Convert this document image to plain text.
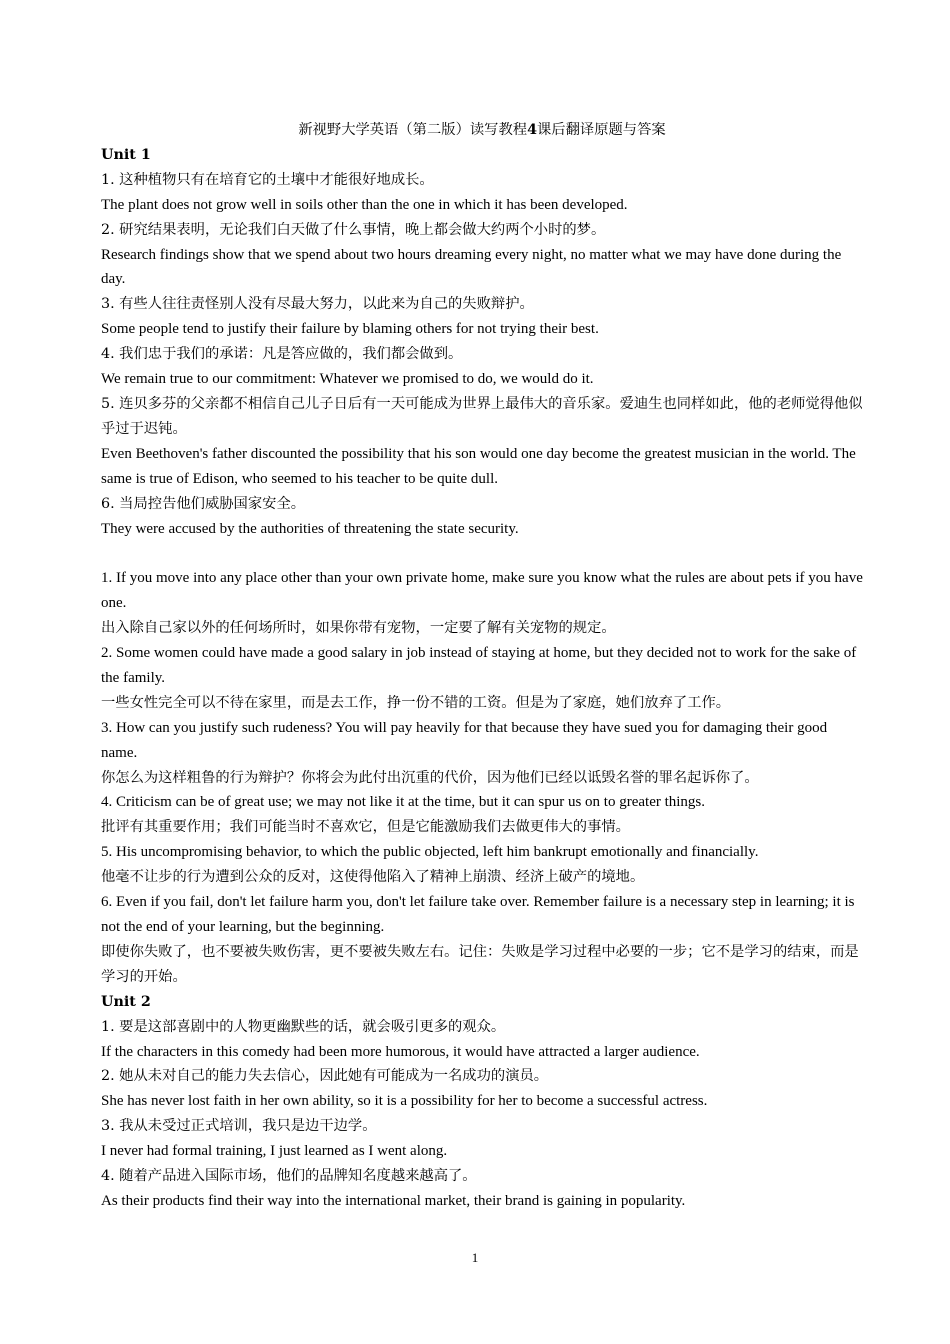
新视野大学英语（第二版）读写教程4课后翻译原题与答案
Unit 1
1. 这种植物只有在培育它的土壤中才能很好地成长。
The plant does not grow well in soils other than the one in which it has been developed.
2. 研究结果表明，无论我们白天做了什么事情，晚上都会做大约两个小时的梦。
Research findings show that we spend about two hours dreaming every night, no matter what we may have done during the day.
3. 有些人往往责怪别人没有尽最大努力，以此来为自己的失败辩护。
Some people tend to justify their failure by blaming others for not trying their best.
4. 我们忠于我们的承诺：凡是答应做的，我们都会做到。
We remain true to our commitment: Whatever we promised to do, we would do it.
5. 连贝多芬的父亲都不相信自己儿子日后有一天可能成为世界上最伟大的音乐家。爱迪生也同样如此，他的老师觉得他似乎过于迟钝。
Even Beethoven's father discounted the possibility that his son would one day become the greatest musician in the world. The same is true of Edison, who seemed to his teacher to be quite dull.
6. 当局控告他们威胁国家安全。
They were accused by the authorities of threatening the state security.
1. If you move into any place other than your own private home, make sure you know what the rules are about pets if you have one.
出入除自己家以外的任何场所时，如果你带有宠物，一定要了解有关宠物的规定。
2. Some women could have made a good salary in job instead of staying at home, but they decided not to work for the sake of the family.
一些女性完全可以不待在家里，而是去工作，挣一份不错的工资。但是为了家庭，她们放弃了工作。
3. How can you justify such rudeness? You will pay heavily for that because they have sued you for damaging their good name.
你怎么为这样粗鲁的行为辩护？你将会为此付出沉重的代价，因为他们已经以诋毁名誉的罪名起诉你了。
4. Criticism can be of great use; we may not like it at the time, but it can spur us on to greater things.
批评有其重要作用；我们可能当时不喜欢它，但是它能激励我们去做更伟大的事情。
5. His uncompromising behavior, to which the public objected, left him bankrupt emotionally and financially.
他毫不让步的行为遭到公众的反对，这使得他陷入了精神上崩溃、经济上破产的境地。
6. Even if you fail, don't let failure harm you, don't let failure take over. Remember failure is a necessary step in learning; it is not the end of your learning, but the beginning.
即使你失败了，也不要被失败伤害，更不要被失败左右。记住：失败是学习过程中必要的一步；它不是学习的结束，而是学习的开始。
Unit 2
1. 要是这部喜剧中的人物更幽默些的话，就会吸引更多的观众。
If the characters in this comedy had been more humorous, it would have attracted a larger audience.
2. 她从未对自己的能力失去信心，因此她有可能成为一名成功的演员。
She has never lost faith in her own ability, so it is a possibility for her to become a successful actress.
3. 我从未受过正式培训，我只是边干边学。
I never had formal training, I just learned as I went along.
4. 随着产品进入国际市场，他们的品牌知名度越来越高了。
As their products find their way into the international market, their brand is gaining in popularity.
1
